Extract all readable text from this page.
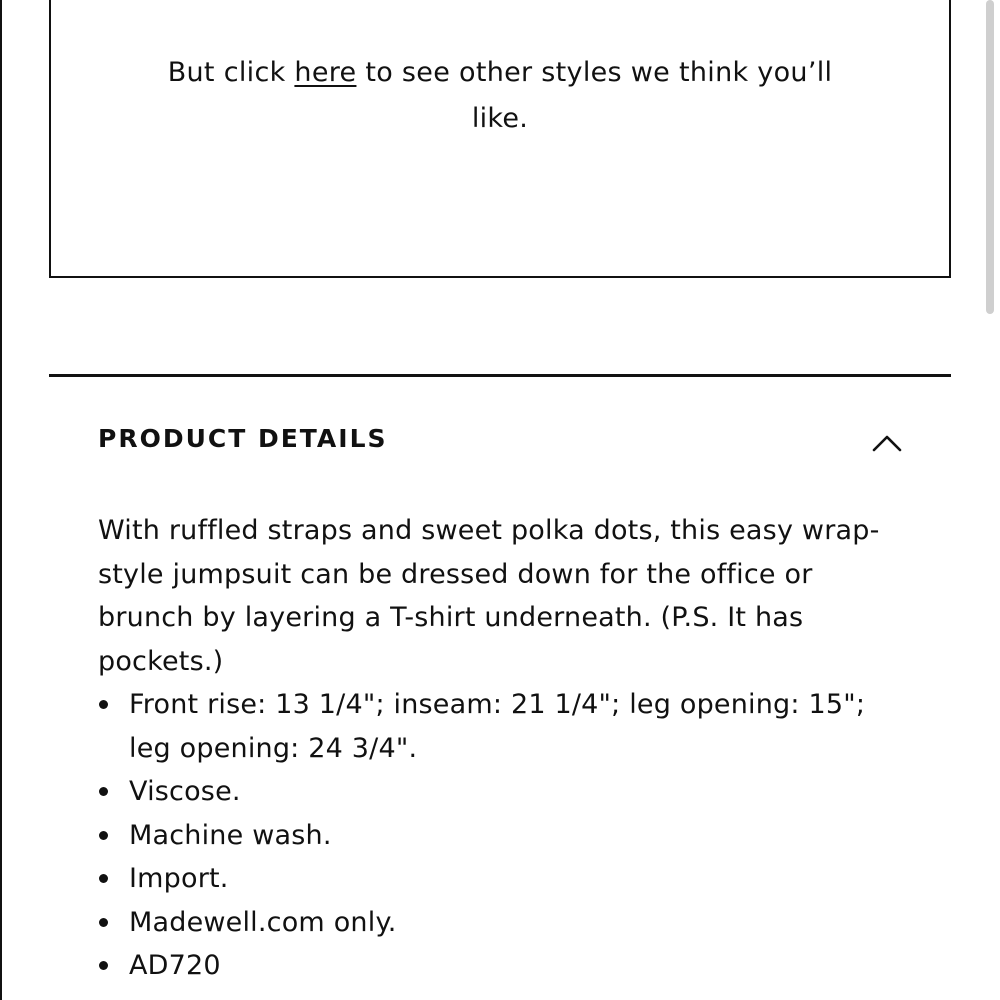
But click here to see other styles we think you’ll like.
PRODUCT DETAILS
With ruffled straps and sweet polka dots, this easy wrap-style jumpsuit can be dressed down for the office or brunch by layering a T-shirt underneath. (P.S. It has pockets.)
Front rise: 13 1/4"; inseam: 21 1/4"; leg opening: 15"; leg opening: 24 3/4".
Viscose.
Machine wash.
Import.
Madewell.com only.
AD720
